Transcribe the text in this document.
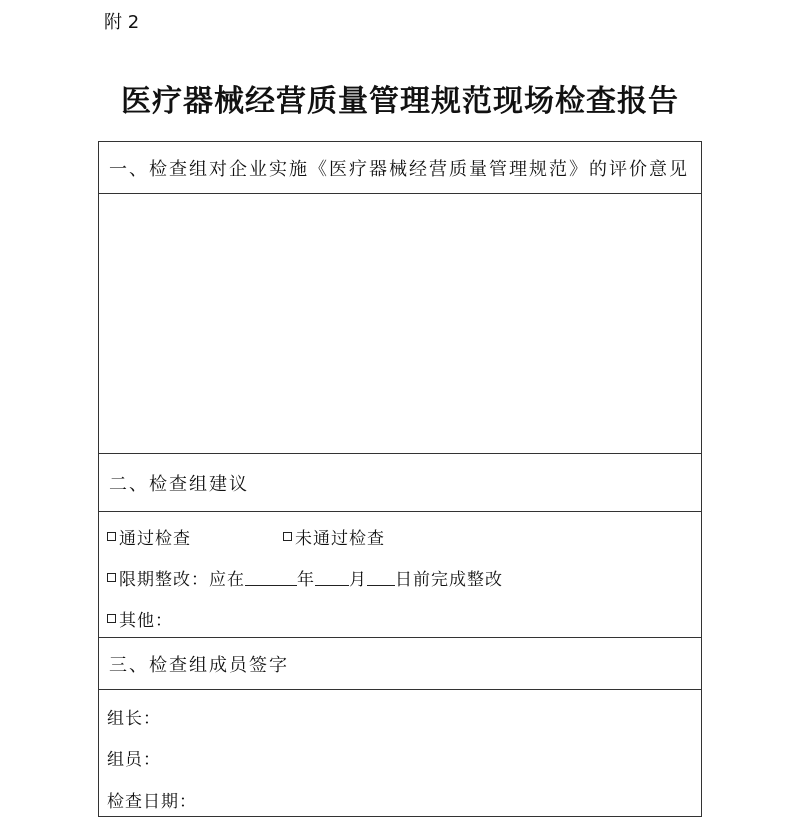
附 2
医疗器械经营质量管理规范现场检查报告
一、检查组对企业实施《医疗器械经营质量管理规范》的评价意见
二、检查组建议
通过检查	未通过检查
限期整改：应在	年 月 日前完成整改
其他：
三、检查组成员签字
组长：
组员：
检查日期：
